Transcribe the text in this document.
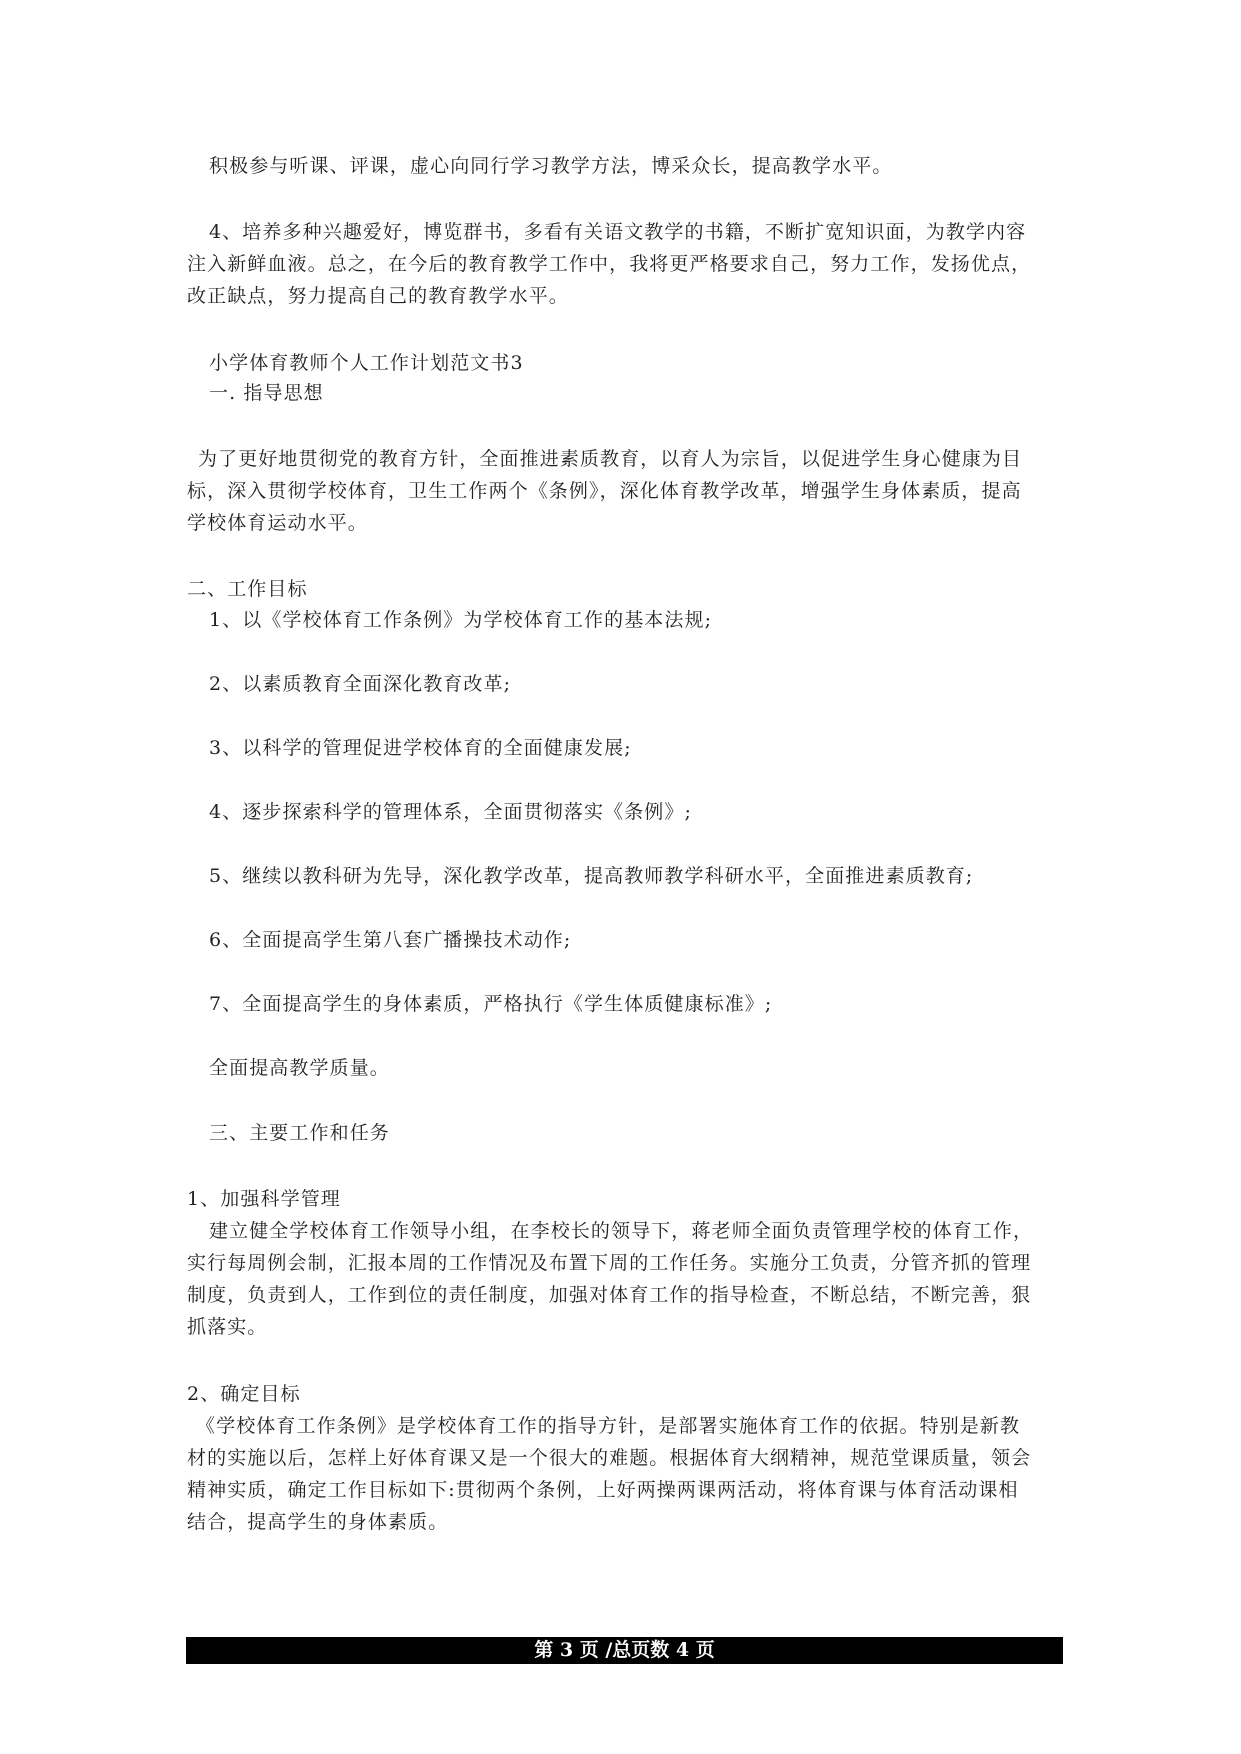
积极参与听课、评课，虚心向同行学习教学方法，博采众长，提高教学水平。
4、培养多种兴趣爱好，博览群书，多看有关语文教学的书籍，不断扩宽知识面，为教学内容
注入新鲜血液。总之，在今后的教育教学工作中，我将更严格要求自己，努力工作，发扬优点，
改正缺点，努力提高自己的教育教学水平。
小学体育教师个人工作计划范文书3
一. 指导思想
为了更好地贯彻党的教育方针，全面推进素质教育，以育人为宗旨，以促进学生身心健康为目
标，深入贯彻学校体育，卫生工作两个《条例》，深化体育教学改革，增强学生身体素质，提高
学校体育运动水平。
二、工作目标
1、以《学校体育工作条例》为学校体育工作的基本法规;
2、以素质教育全面深化教育改革;
3、以科学的管理促进学校体育的全面健康发展;
4、逐步探索科学的管理体系，全面贯彻落实《条例》;
5、继续以教科研为先导，深化教学改革，提高教师教学科研水平，全面推进素质教育;
6、全面提高学生第八套广播操技术动作;
7、全面提高学生的身体素质，严格执行《学生体质健康标准》;
全面提高教学质量。
三、主要工作和任务
1、加强科学管理
建立健全学校体育工作领导小组，在李校长的领导下，蒋老师全面负责管理学校的体育工作，
实行每周例会制，汇报本周的工作情况及布置下周的工作任务。实施分工负责，分管齐抓的管理
制度，负责到人，工作到位的责任制度，加强对体育工作的指导检查，不断总结，不断完善，狠
抓落实。
2、确定目标
《学校体育工作条例》是学校体育工作的指导方针，是部署实施体育工作的依据。特别是新教
材的实施以后，怎样上好体育课又是一个很大的难题。根据体育大纲精神，规范堂课质量，领会
精神实质，确定工作目标如下:贯彻两个条例，上好两操两课两活动，将体育课与体育活动课相
结合，提高学生的身体素质。
第 3 页 /总页数 4 页
